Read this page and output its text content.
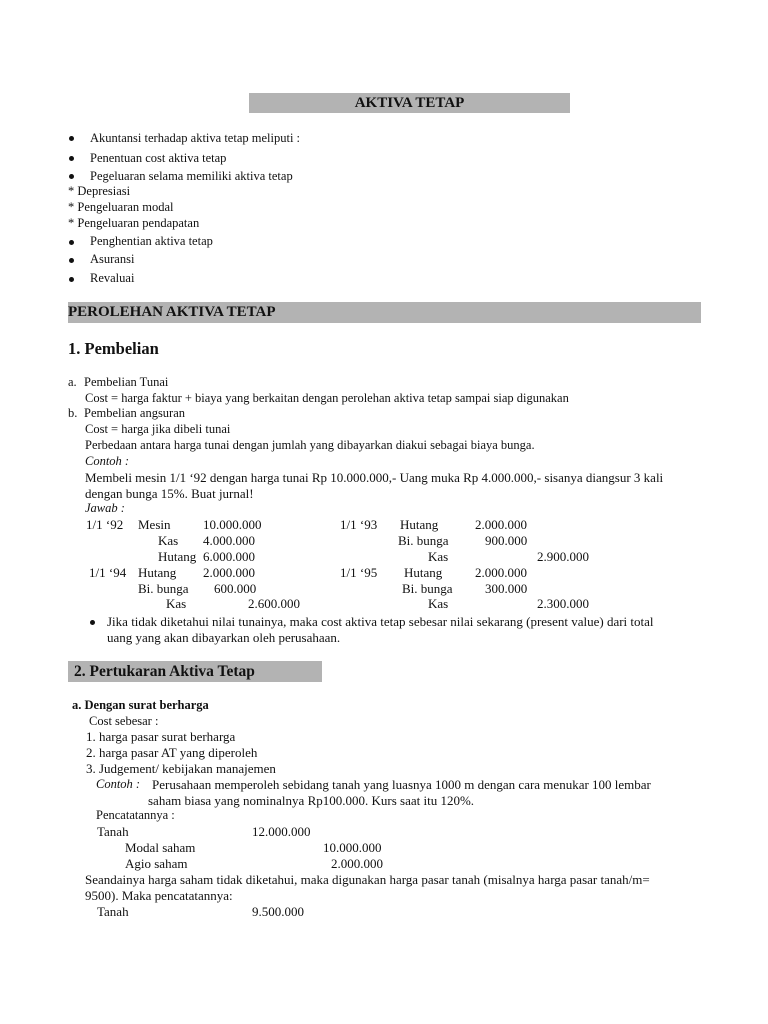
AKTIVA TETAP
Akuntansi terhadap aktiva tetap meliputi :
Penentuan cost aktiva tetap
Pegeluaran selama memiliki aktiva tetap
* Depresiasi
* Pengeluaran modal
* Pengeluaran pendapatan
Penghentian aktiva tetap
Asuransi
Revaluai
PEROLEHAN AKTIVA TETAP
1. Pembelian
a. Pembelian Tunai
Cost = harga faktur + biaya yang berkaitan dengan perolehan aktiva tetap sampai siap digunakan
b. Pembelian angsuran
Cost = harga jika dibeli tunai
Perbedaan antara harga tunai dengan jumlah yang dibayarkan diakui sebagai biaya bunga.
Contoh :
Membeli mesin 1/1 ‘92 dengan harga tunai Rp 10.000.000,- Uang muka Rp 4.000.000,- sisanya diangsur 3 kali
dengan bunga 15%. Buat jurnal!
Jawab :
1/1 ‘92 Mesin	10.000.000
Kas 4.000.000
Hutang 6.000.000
1/1 ‘94 Hutang 2.000.000
Bi. bunga 600.000
Kas	2.600.000
1/1 ‘93 Hutang	2.000.000
Bi. bunga	900.000
Kas	2.900.000
1/1 ‘95 Hutang	2.000.000
Bi. bunga 300.000
Kas	2.300.000
Jika tidak diketahui nilai tunainya, maka cost aktiva tetap sebesar nilai sekarang (present value) dari total
uang yang akan dibayarkan oleh perusahaan.
2. Pertukaran Aktiva Tetap
a. Dengan surat berharga
Cost sebesar :
1. harga pasar surat berharga
2. harga pasar AT yang diperoleh
3. Judgement/ kebijakan manajemen
Contoh : Perusahaan memperoleh sebidang tanah yang luasnya 1000 m dengan cara menukar 100 lembar
saham biasa yang nominalnya Rp100.000. Kurs saat itu 120%.
Pencatatannya :
Tanah	12.000.000
Modal saham	10.000.000
Agio saham	2.000.000
Seandainya harga saham tidak diketahui, maka digunakan harga pasar tanah (misalnya harga pasar tanah/m=
9500). Maka pencatatannya:
Tanah	9.500.000
